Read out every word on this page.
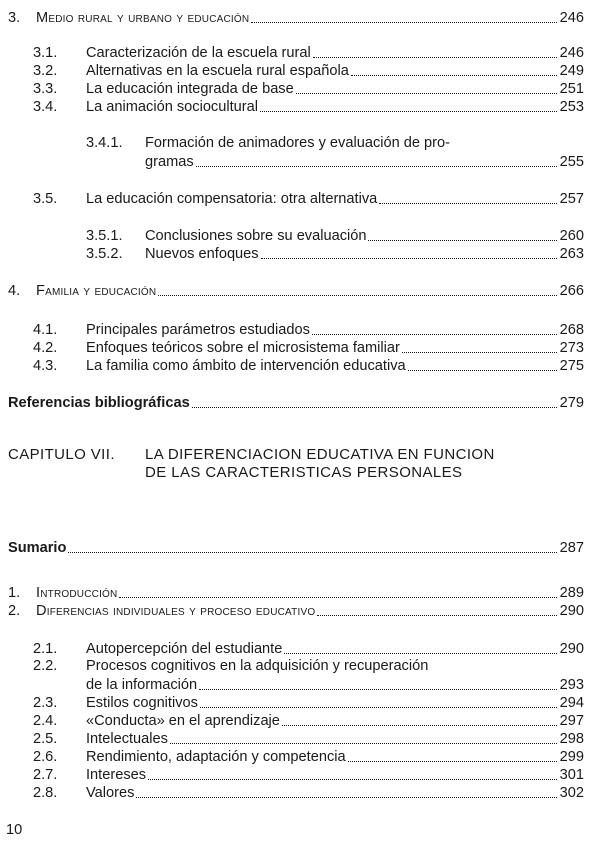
3.	Medio rural y urbano y educación	246
3.1.	Caracterización de la escuela rural	246
3.2.	Alternativas en la escuela rural española	249
3.3.	La educación integrada de base	251
3.4.	La animación sociocultural	253
3.4.1. Formación de animadores y evaluación de pro-
gramas	255
3.5.	La educación compensatoria: otra alternativa	257
3.5.1.	Conclusiones sobre su evaluación	260
3.5.2.	Nuevos enfoques	263
4.	Familia y educación	266
4.1.	Principales parámetros estudiados	268
4.2.	Enfoques teóricos sobre el microsistema familiar	273
4.3.	La familia como ámbito de intervención educativa	275
Referencias bibliográficas	279
CAPITULO VII. LA DIFERENCIACION EDUCATIVA EN FUNCION
DE LAS CARACTERISTICAS PERSONALES
Sumario	287
1.	Introducción	289
2.	Diferencias individuales y proceso educativo	290
2.1.	Autopercepción del estudiante	290
2.2. Procesos cognitivos en la adquisición y recuperación
de la información	293
2.3.	Estilos cognitivos	294
2.4.	«Conducta» en el aprendizaje	297
2.5.	Intelectuales	298
2.6.	Rendimiento, adaptación y competencia	299
2.7.	Intereses	301
2.8.	Valores	302
10
